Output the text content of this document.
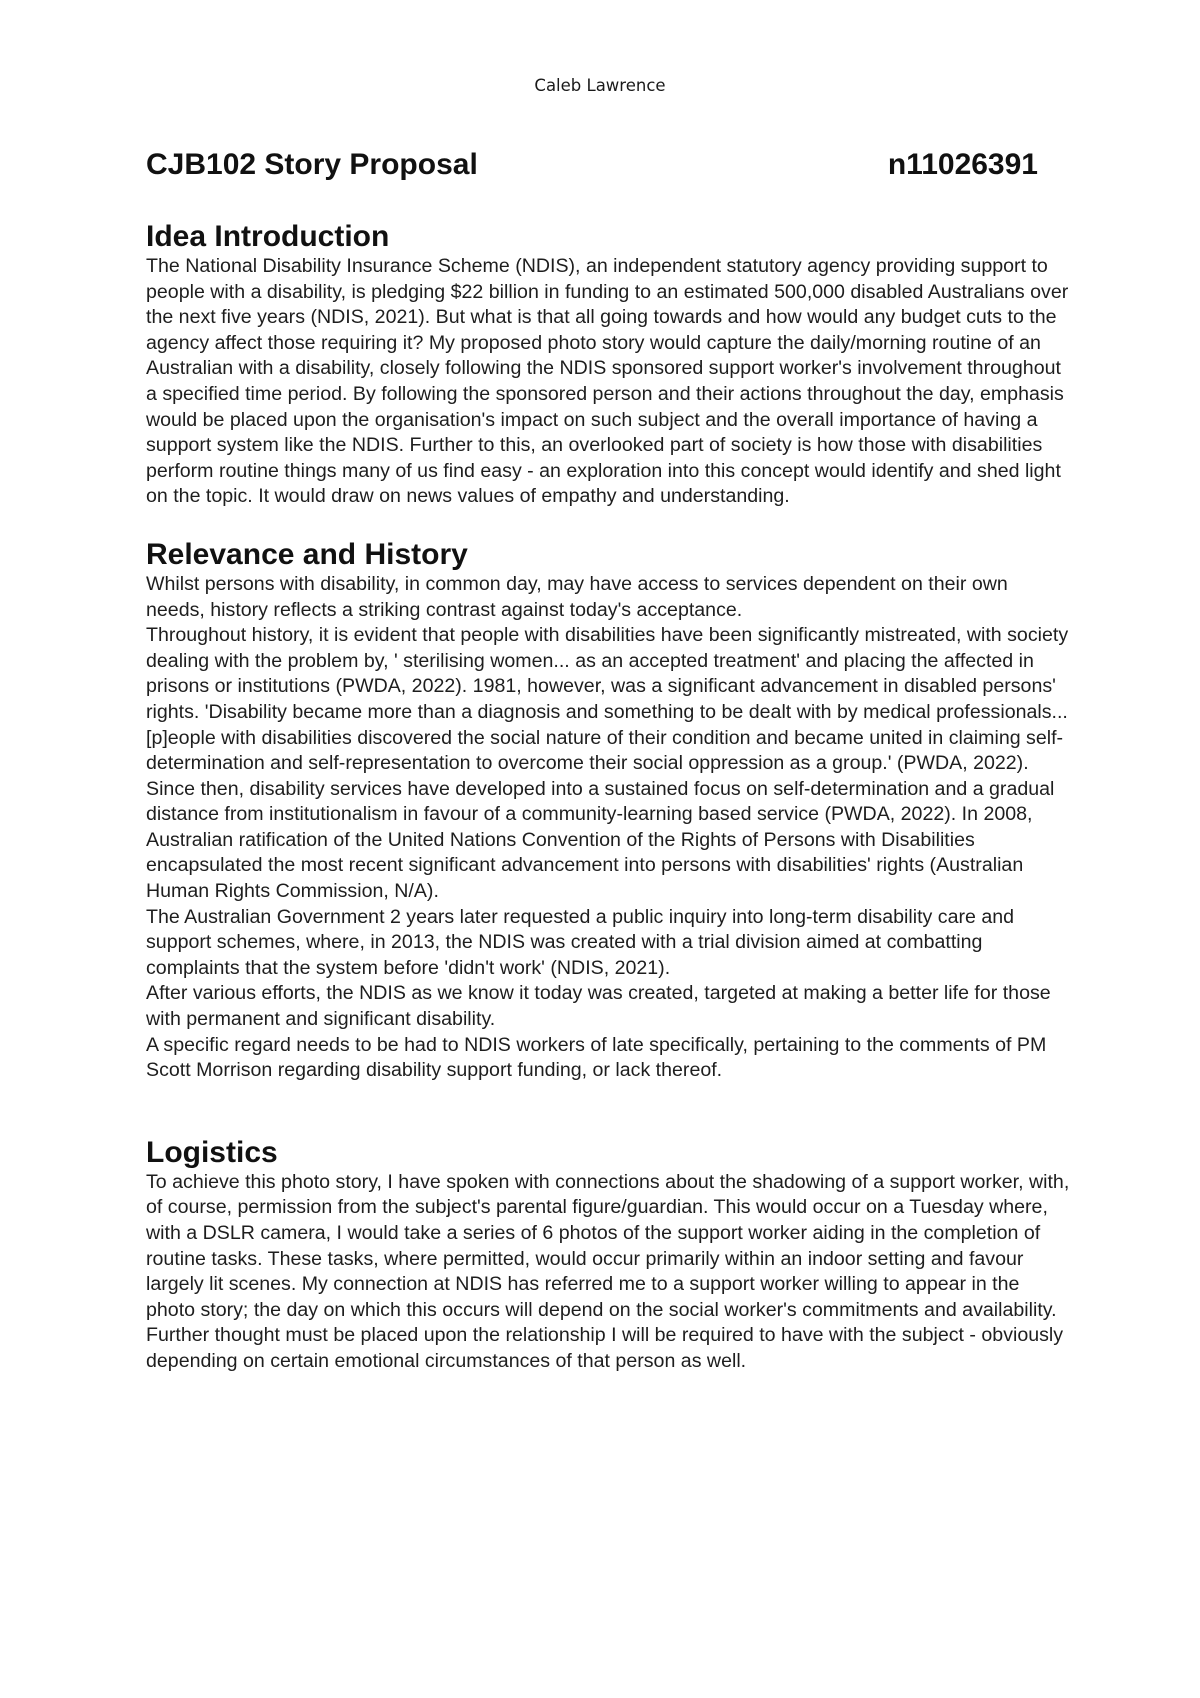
Caleb Lawrence
CJB102 Story Proposal	n11026391
Idea Introduction

The National Disability Insurance Scheme (NDIS), an independent statutory agency providing support to people with a disability, is pledging $22 billion in funding to an estimated 500,000 disabled Australians over the next five years (NDIS, 2021). But what is that all going towards and how would any budget cuts to the agency affect those requiring it? My proposed photo story would capture the daily/morning routine of an Australian with a disability, closely following the NDIS sponsored support worker's involvement throughout a specified time period. By following the sponsored person and their actions throughout the day, emphasis would be placed upon the organisation's impact on such subject and the overall importance of having a support system like the NDIS. Further to this, an overlooked part of society is how those with disabilities perform routine things many of us find easy - an exploration into this concept would identify and shed light on the topic. It would draw on news values of empathy and understanding.

Relevance and History

Whilst persons with disability, in common day, may have access to services dependent on their own needs, history reflects a striking contrast against today's acceptance.

Throughout history, it is evident that people with disabilities have been significantly mistreated, with society dealing with the problem by, ' sterilising women... as an accepted treatment' and placing the affected in prisons or institutions (PWDA, 2022). 1981, however, was a significant advancement in disabled persons' rights. 'Disability became more than a diagnosis and something to be dealt with by medical professionals... [p]eople with disabilities discovered the social nature of their condition and became united in claiming self-determination and self-representation to overcome their social oppression as a group.' (PWDA, 2022). Since then, disability services have developed into a sustained focus on self-determination and a gradual distance from institutionalism in favour of a community-learning based service (PWDA, 2022). In 2008, Australian ratification of the United Nations Convention of the Rights of Persons with Disabilities encapsulated the most recent significant advancement into persons with disabilities' rights (Australian Human Rights Commission, N/A).

The Australian Government 2 years later requested a public inquiry into long-term disability care and support schemes, where, in 2013, the NDIS was created with a trial division aimed at combatting complaints that the system before 'didn't work' (NDIS, 2021).

After various efforts, the NDIS as we know it today was created, targeted at making a better life for those with permanent and significant disability.

A specific regard needs to be had to NDIS workers of late specifically, pertaining to the comments of PM Scott Morrison regarding disability support funding, or lack thereof.

Logistics

To achieve this photo story, I have spoken with connections about the shadowing of a support worker, with, of course, permission from the subject's parental figure/guardian. This would occur on a Tuesday where, with a DSLR camera, I would take a series of 6 photos of the support worker aiding in the completion of routine tasks. These tasks, where permitted, would occur primarily within an indoor setting and favour largely lit scenes. My connection at NDIS has referred me to a support worker willing to appear in the photo story; the day on which this occurs will depend on the social worker's commitments and availability. Further thought must be placed upon the relationship I will be required to have with the subject - obviously depending on certain emotional circumstances of that person as well.
